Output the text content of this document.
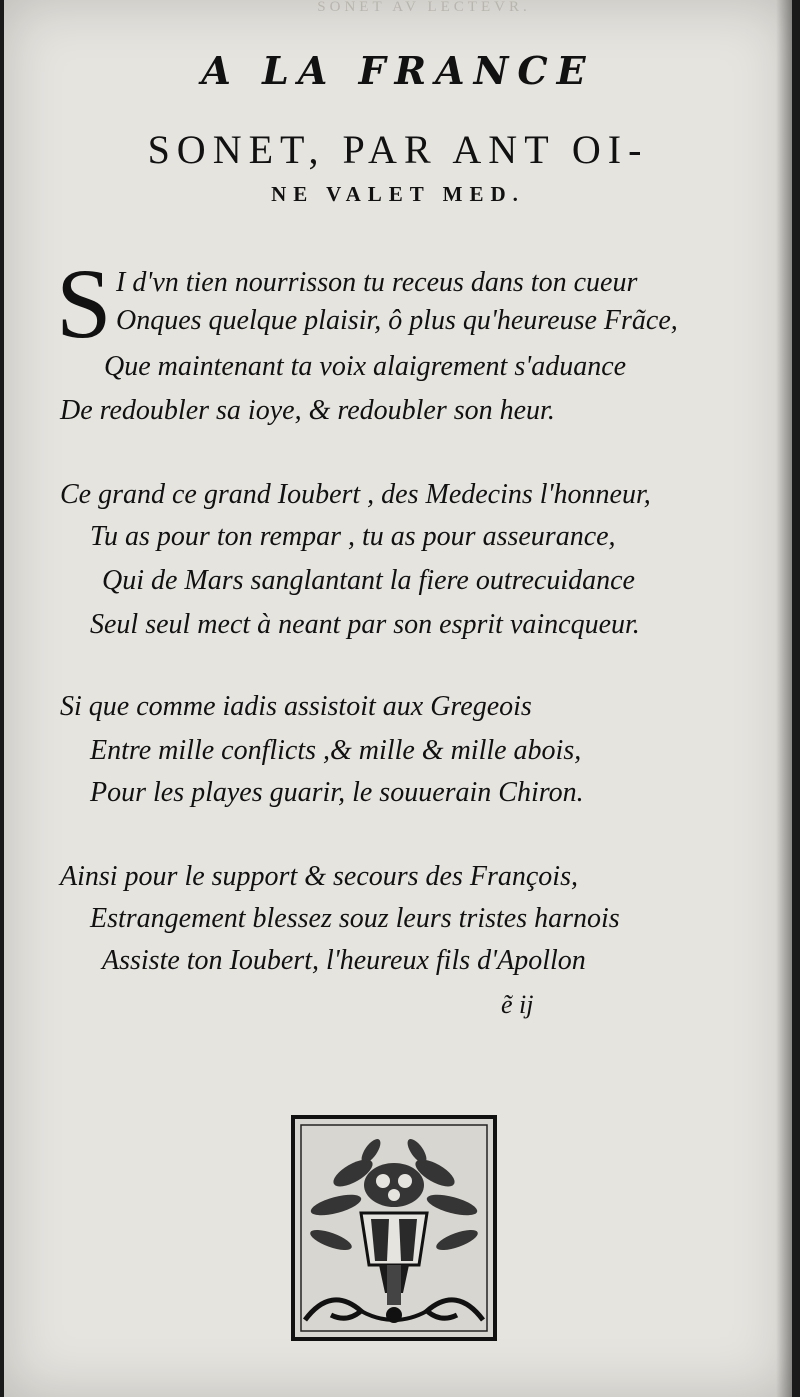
SONET AV LECTEVR.
A LA FRANCE
SONET, PAR ANT OI-
NE VALET MED.
S I d'vn tien nourrisson tu receus dans ton cueur
Onques quelque plaisir, ô plus qu'heureuse Frãce,
Que maintenant ta voix alaigrement s'aduance
De redoubler sa ioye, & redoubler son heur.
Ce grand ce grand Ioubert , des Medecins l'honneur,
Tu as pour ton rempar , tu as pour asseurance,
Qui de Mars sanglantant la fiere outrecuidance
Seul seul mect à neant par son esprit vaincqueur.
Si que comme iadis assistoit aux Gregeois
Entre mille conflicts ,& mille & mille abois,
Pour les playes guarir, le souuerain Chiron.
Ainsi pour le support & secours des François,
Estrangement blessez souz leurs tristes harnois
Assiste ton Ioubert, l'heureux fils d'Apollon
ẽ ij
